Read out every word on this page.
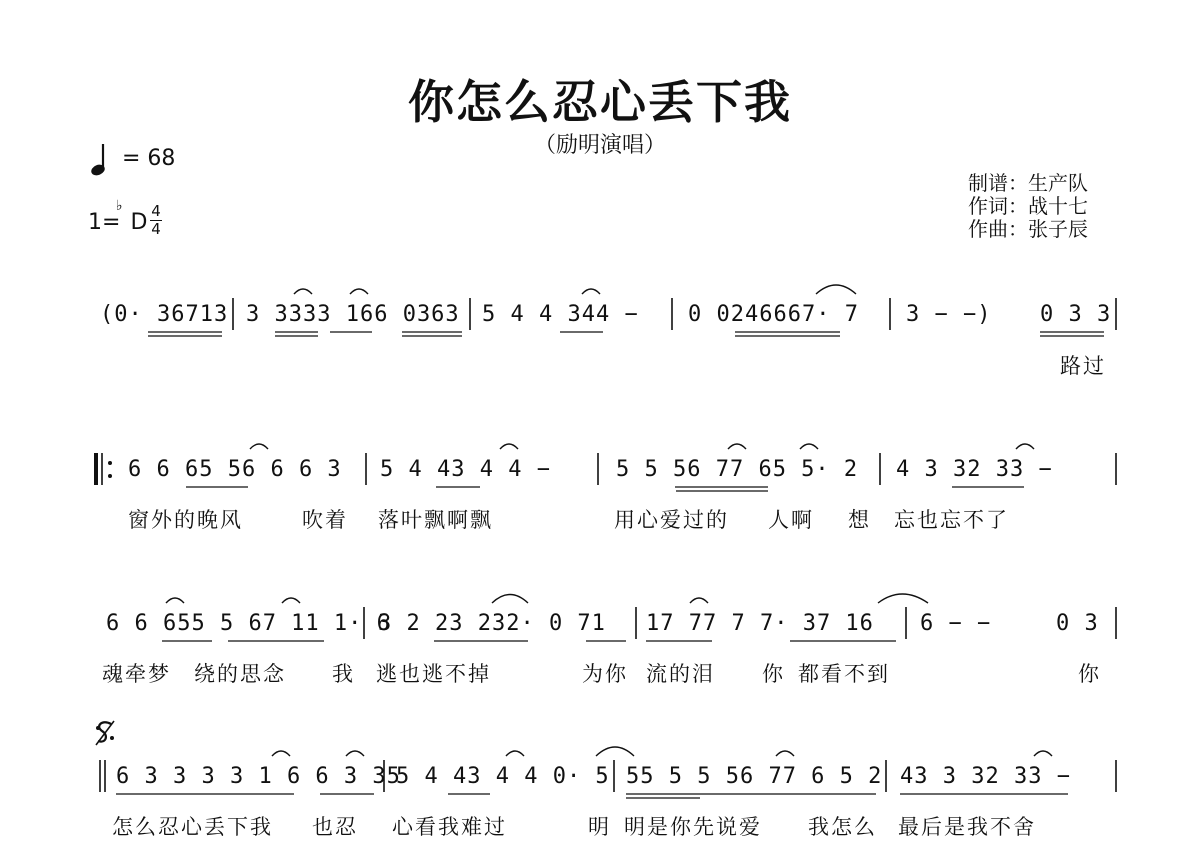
你怎么忍心丢下我
（励明演唱）
= 68
1= D
♭ 4
4
制谱：生产队
作词：战十七
作曲：张子辰
(0· 36713 3 3333 166 0363 5 4 4 344 − 0 0246667· 7 3 − −) 0 3 3
路过
6 6 65 56 6 6 3 5 4 43 4 4 −	5 5 56 77 65 5· 2 4 3 32 33 −
窗外的晚风	吹着 落叶飘啊飘	用心爱过的 人啊 想 忘也忘不了
6 6 655 5 67 11 1· 6
3 2 23 232· 0 71 17 77 7 7· 37 16 6 − −	0 3
魂牵梦 绕的思念 我 逃也逃不掉	为你 流的泪 你 都看不到	你
6 3 3 3 3 1 6 6 3 35
5 4 43 4 4 0· 5 55 5 5 56 77 6 5 2 43 3 32 33 −
怎么忍心丢下我 也忍 心看我难过	明 明是你先说爱 我怎么 最后是我不舍
